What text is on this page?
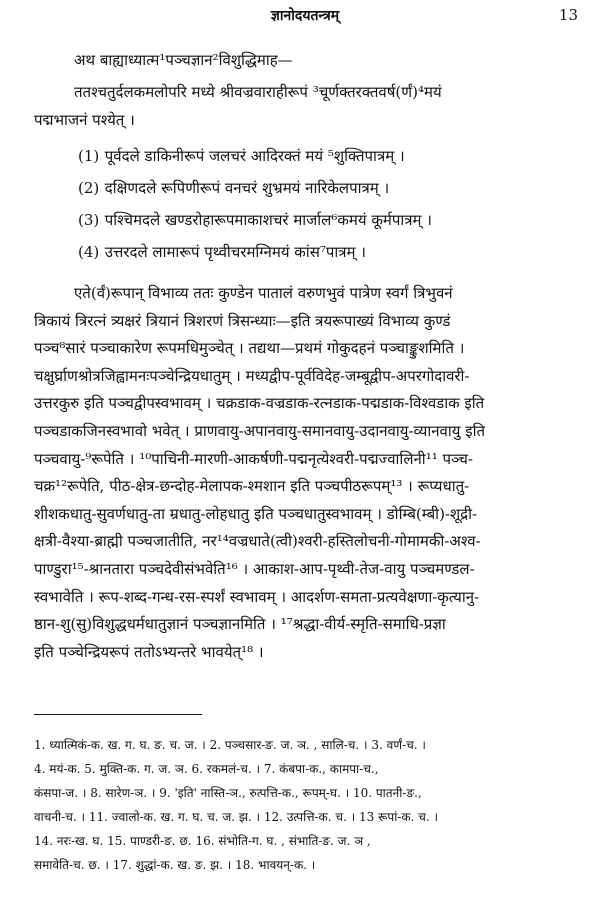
ज्ञानोदयतन्त्रम्	13

अथ बाह्याध्यात्म¹पञ्चज्ञान²विशुद्धिमाह—

ततश्चतुर्दलकमलोपरि मध्ये श्रीवज्रवाराहीरूपं ³चूर्णक्तरक्तवर्ष(र्णं)⁴मयं

पद्मभाजनं पश्येत् ।

(1) पूर्वदले डाकिनीरूपं जलचरं आदिरक्तं मयं ⁵शुक्तिपात्रम् ।
(2) दक्षिणदले रूपिणीरूपं वनचरं शुभ्रमयं नारिकेलपात्रम् ।
(3) पश्चिमदले खण्डरोहारूपमाकाशचरं मार्जाल⁶कमयं कूर्मपात्रम् ।
(4) उत्तरदले लामारूपं पृथ्वीचरमग्निमयं कांस⁷पात्रम् ।
एते(र्वं)रूपान् विभाव्य ततः कुण्डेन पातालं वरुणभुवं पात्रेण स्वर्गं त्रिभुवनं
त्रिकायं त्रिरत्नं त्र्यक्षरं त्रियानं त्रिशरणं त्रिसन्ध्याः—इति त्रयरूपाख्यं विभाव्य कुण्डं
पञ्च⁸सारं पञ्चाकारेण रूपमधिमुञ्चेत् । तद्यथा—प्रथमं गोकुदहनं पञ्चाङ्कुशमिति ।
चक्षुर्घ्राणश्रोत्रजिह्वामनःपञ्चेन्द्रियधातुम् । मध्यद्वीप-पूर्वविदेह-जम्बूद्वीप-अपरगोदावरी-
उत्तरकुरु इति पञ्चद्वीपस्वभावम् । चक्रडाक-वज्रडाक-रत्नडाक-पद्मडाक-विश्वडाक इति
पञ्चडाकजिनस्वभावो भवेत् । प्राणवायु-अपानवायु-समानवायु-उदानवायु-व्यानवायु इति
पञ्चवायु-⁹रूपेति । ¹⁰पाचिनी-मारणी-आकर्षणी-पद्मनृत्येश्वरी-पद्मज्वालिनी¹¹ पञ्च-
चक्र¹²रूपेति, पीठ-क्षेत्र-छन्दोह-मेलापक-श्मशान इति पञ्चपीठरूपम्¹³ । रूप्यधातु-
शीशकधातु-सुवर्णधातु-ता म्रधातु-लोहधातु इति पञ्चधातुस्वभावम् । डोम्बि(म्बी)-शूद्री-
क्षत्री-वैश्या-ब्राह्मी पञ्चजातीति, नर¹⁴वज्रधाते(त्वी)श्वरी-हस्तिलोचनी-गोमामकी-अश्व-
पाण्डुरा¹⁵-श्रानतारा पञ्चदेवीसंभवेति¹⁶ । आकाश-आप-पृथ्वी-तेज-वायु पञ्चमण्डल-
स्वभावेति । रूप-शब्द-गन्ध-रस-स्पर्शं स्वभावम् । आदर्शण-समता-प्रत्यवेक्षणा-कृत्यानु-
ष्ठान-शु(सु)विशुद्धधर्मधातुज्ञानं पञ्चज्ञानमिति । ¹⁷श्रद्धा-वीर्य-स्मृति-समाधि-प्रज्ञा
इति पञ्चेन्द्रियरूपं ततोऽभ्यन्तरे भावयेत्¹⁸ ।
1. ध्यात्मिकं-क. ख. ग. घ. ङ. च. ज. । 2. पञ्चसार-ङ. ज. ञ. , सालि-च. । 3. वर्णं-च. ।
4. मयं-क. 5. मुक्ति-क. ग. ज. ञ. 6. रकमलं-च. । 7. कंबपा-क., कामपा-च.,
कंसपा-ज. । 8. सारेण-ञ. । 9. 'इति' नास्ति-ञ., रुत्पत्ति-क., रूपम्-घ. । 10. पातनी-ङ.,
वाचनी-च. । 11. ज्वालो-क. ख. ग. घ. च. ज. झ. । 12. उत्पत्ति-क. च. । 13 रूपां-क. च. ।
14. नरः-ख. घ. 15. पाण्डरी-ङ. छ. 16. संभोति-ग. घ. , संभाति-ङ. ज. ञ ,
समावेति-च. छ. । 17. शुद्धां-क. ख. ङ. झ. । 18. भावयन्-क. ।
